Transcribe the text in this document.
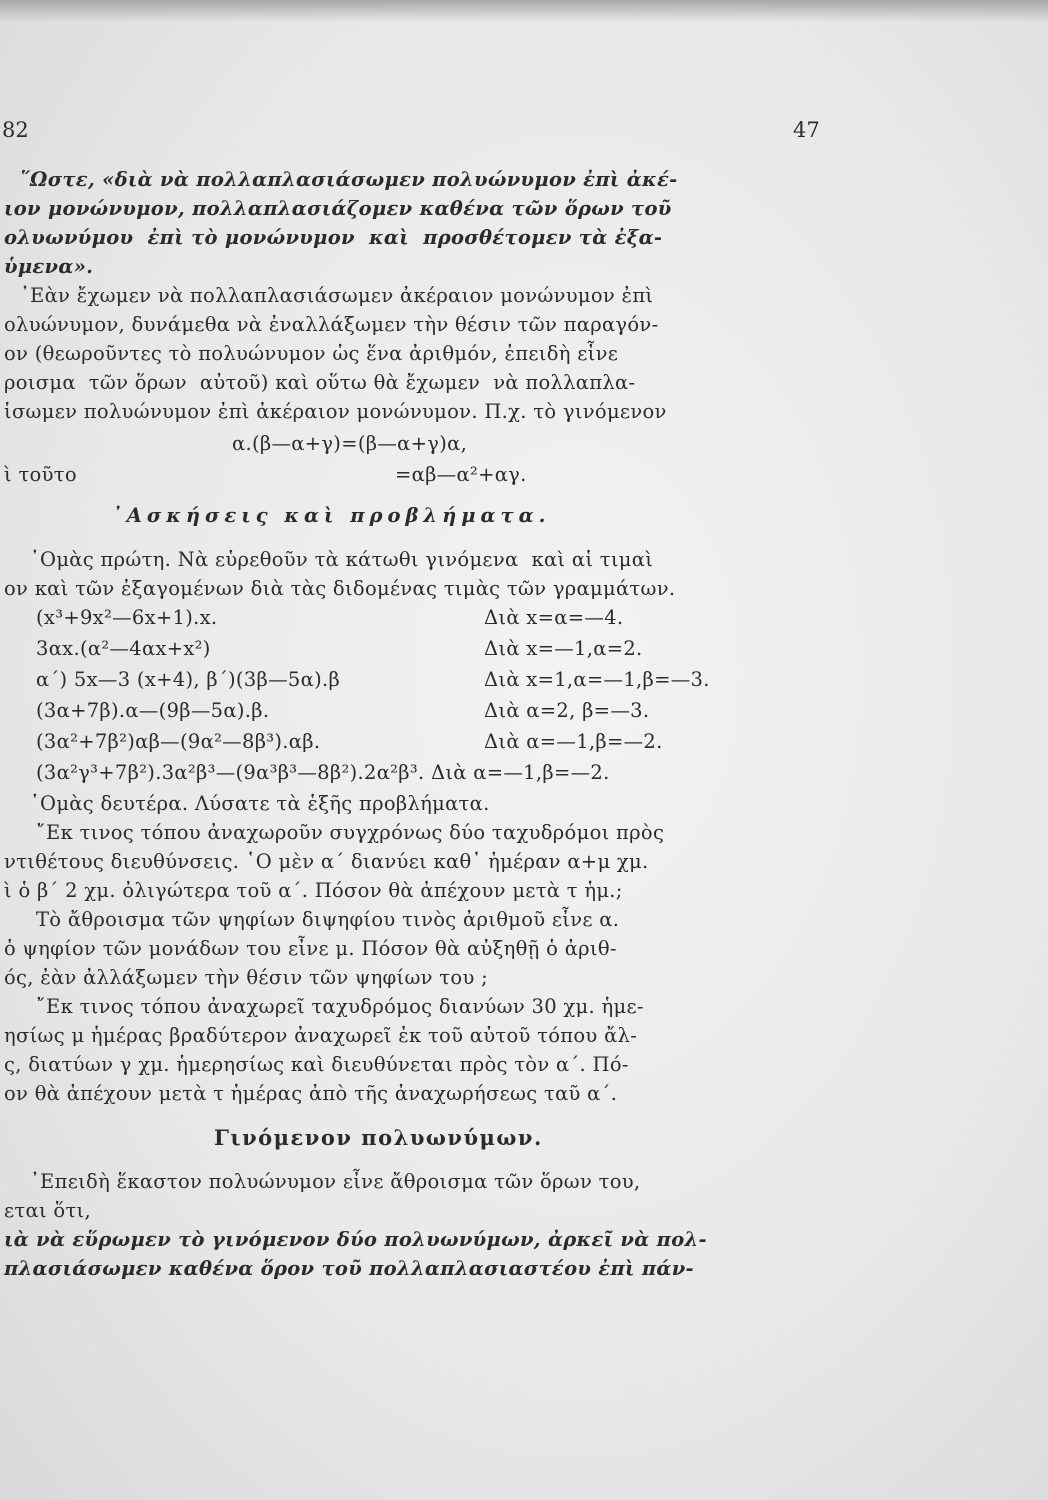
82	47
῞Ωστε, «διὰ νὰ πολλαπλασιάσωμεν πολυώνυμον ἐπὶ ἀκέ-
ιον μονώνυμον, πολλαπλασιάζομεν καθένα τῶν ὅρων τοῦ
ολυωνύμου  ἐπὶ τὸ μονώνυμον  καὶ  προσθέτομεν τὰ ἐξα-
ὑμενα».
᾿Εὰν ἔχωμεν νὰ πολλαπλασιάσωμεν ἀκέραιον μονώνυμον ἐπὶ
ολυώνυμον, δυνάμεθα νὰ ἐναλλάξωμεν τὴν θέσιν τῶν παραγόν-
ον (θεωροῦντες τὸ πολυώνυμον ὡς ἕνα ἀριθμόν, ἐπειδὴ εἶνε
ροισμα  τῶν ὅρων  αὐτοῦ) καὶ οὕτω θὰ ἔχωμεν  νὰ πολλαπλα-
ἱσωμεν πολυώνυμον ἐπὶ ἀκέραιον μονώνυμον. Π.χ. τὸ γινόμενον
α.(β—α+γ)=(β—α+γ)α,
ὶ τοῦτο	=αβ—α²+αγ.
᾿Ασκήσεις καὶ προβλήματα.
῾Ομὰς πρώτη. Νὰ εὑρεθοῦν τὰ κάτωθι γινόμενα  καὶ αἱ τιμαὶ
ον καὶ τῶν ἐξαγομένων διὰ τὰς διδομένας τιμὰς τῶν γραμμάτων.
(x³+9x²—6x+1).x.	Διὰ x=α=—4.
3αx.(α²—4αx+x²)	Διὰ x=—1,α=2.
α´) 5x—3 (x+4), β´)(3β—5α).β	Διὰ x=1,α=—1,β=—3.
(3α+7β).α—(9β—5α).β.	Διὰ α=2, β=—3.
(3α²+7β²)αβ—(9α²—8β³).αβ.	Διὰ α=—1,β=—2.
(3α²γ³+7β²).3α²β³—(9α³β³—8β²).2α²β³. Διὰ α=—1,β=—2.
῾Ομὰς δευτέρα. Λύσατε τὰ ἑξῆς προβλήματα.
῎Εκ τινος τόπου ἀναχωροῦν συγχρόνως δύο ταχυδρόμοι πρὸς
ντιθέτους διευθύνσεις. ῾Ο μὲν α´ διανύει καθ᾿ ἡμέραν α+μ χμ.
ὶ ὁ β´ 2 χμ. ὀλιγώτερα τοῦ α´. Πόσον θὰ ἀπέχουν μετὰ τ ἡμ.;
Τὸ ἄθροισμα τῶν ψηφίων διψηφίου τινὸς ἀριθμοῦ εἶνε α.
ὁ ψηφίον τῶν μονάδων του εἶνε μ. Πόσον θὰ αὐξηθῇ ὁ ἀριθ-
ός, ἐὰν ἀλλάξωμεν τὴν θέσιν τῶν ψηφίων του ;
῎Εκ τινος τόπου ἀναχωρεῖ ταχυδρόμος διανύων 30 χμ. ἡμε-
ησίως μ ἡμέρας βραδύτερον ἀναχωρεῖ ἐκ τοῦ αὐτοῦ τόπου ἄλ-
ς, διατύων γ χμ. ἡμερησίως καὶ διευθύνεται πρὸς τὸν α´. Πό-
ον θὰ ἀπέχουν μετὰ τ ἡμέρας ἀπὸ τῆς ἀναχωρήσεως ταῦ α´.
Γινόμενον πολυωνύμων.
᾿Επειδὴ ἕκαστον πολυώνυμον εἶνε ἄθροισμα τῶν ὅρων του,
εται ὅτι,
ιὰ νὰ εὕρωμεν τὸ γινόμενον δύο πολυωνύμων, ἀρκεῖ νὰ πολ-
πλασιάσωμεν καθένα ὅρον τοῦ πολλαπλασιαστέου ἐπὶ πάν-
